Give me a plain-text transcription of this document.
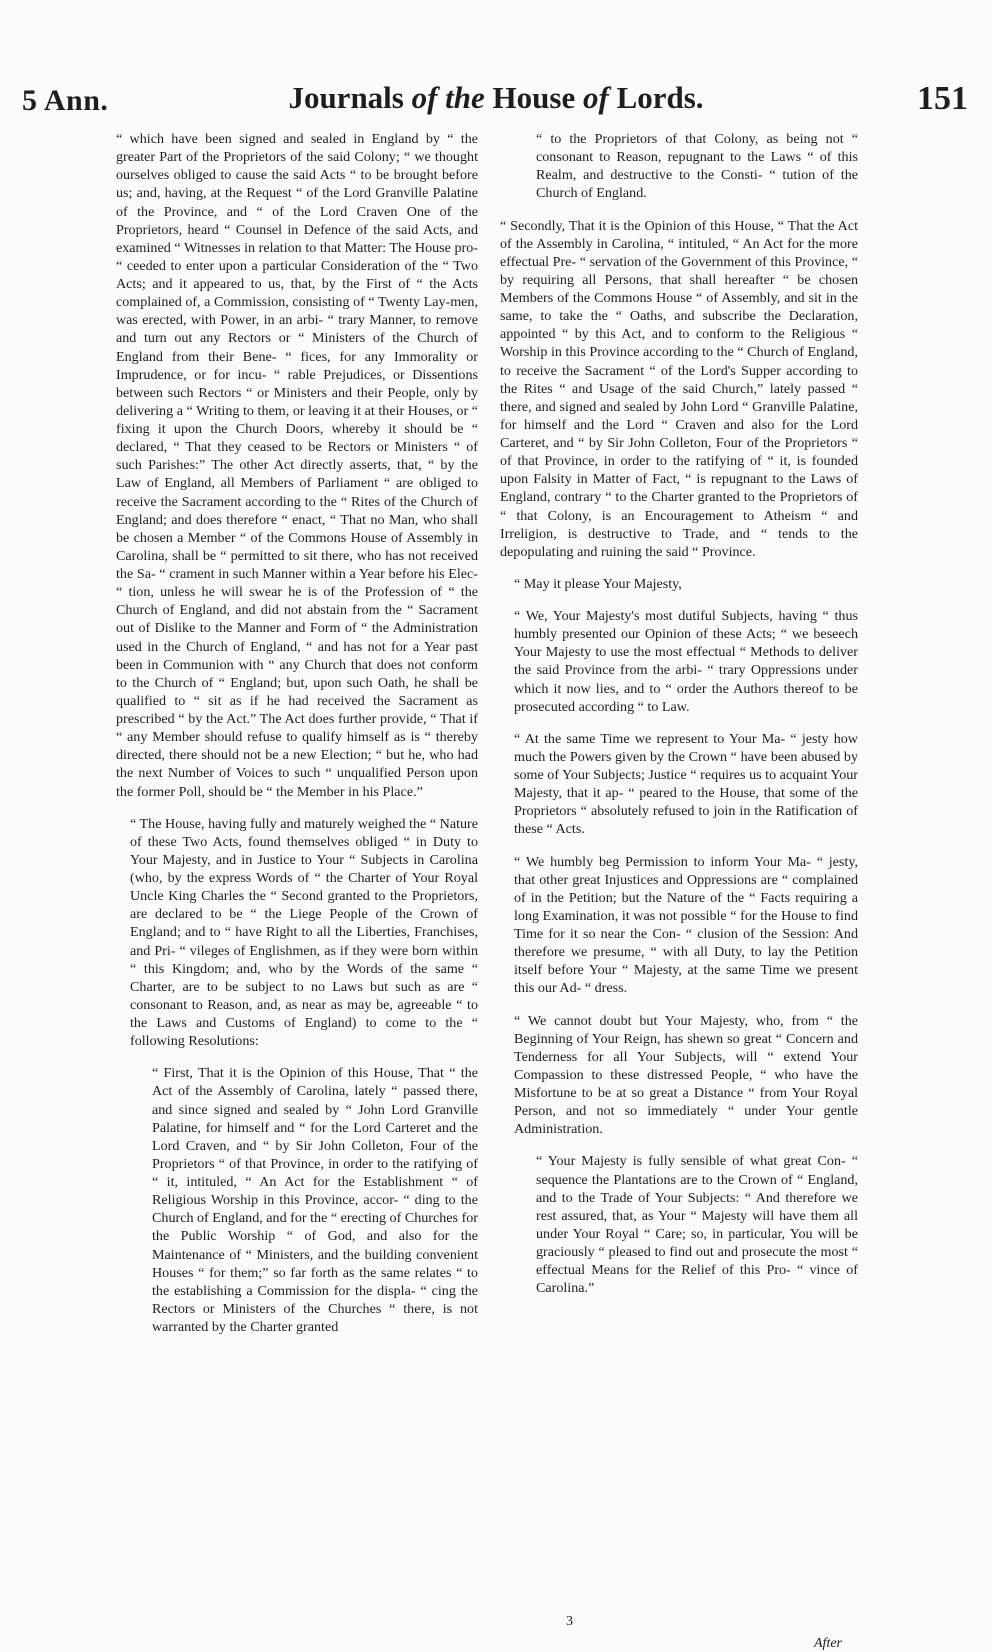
5 Ann.	Journals of the House of Lords.	151

“ which have been signed and sealed in England by “ the greater Part of the Proprietors of the said Colony; “ we thought ourselves obliged to cause the said Acts “ to be brought before us; and, having, at the Request “ of the Lord Granville Palatine of the Province, and “ of the Lord Craven One of the Proprietors, heard “ Counsel in Defence of the said Acts, and examined “ Witnesses in relation to that Matter: The House pro- “ ceeded to enter upon a particular Consideration of the “ Two Acts; and it appeared to us, that, by the First of “ the Acts complained of, a Commission, consisting of “ Twenty Lay-men, was erected, with Power, in an arbi- “ trary Manner, to remove and turn out any Rectors or “ Ministers of the Church of England from their Bene- “ fices, for any Immorality or Imprudence, or for incu- “ rable Prejudices, or Dissentions between such Rectors “ or Ministers and their People, only by delivering a “ Writing to them, or leaving it at their Houses, or “ fixing it upon the Church Doors, whereby it should be “ declared, “ That they ceased to be Rectors or Ministers “ of such Parishes:” The other Act directly asserts, that, “ by the Law of England, all Members of Parliament “ are obliged to receive the Sacrament according to the “ Rites of the Church of England; and does therefore “ enact, “ That no Man, who shall be chosen a Member “ of the Commons House of Assembly in Carolina, shall be “ permitted to sit there, who has not received the Sa- “ crament in such Manner within a Year before his Elec- “ tion, unless he will swear he is of the Profession of “ the Church of England, and did not abstain from the “ Sacrament out of Dislike to the Manner and Form of “ the Administration used in the Church of England, “ and has not for a Year past been in Communion with “ any Church that does not conform to the Church of “ England; but, upon such Oath, he shall be qualified to “ sit as if he had received the Sacrament as prescribed “ by the Act.” The Act does further provide, “ That if “ any Member should refuse to qualify himself as is “ thereby directed, there should not be a new Election; “ but he, who had the next Number of Voices to such “ unqualified Person upon the former Poll, should be “ the Member in his Place.”

“ The House, having fully and maturely weighed the “ Nature of these Two Acts, found themselves obliged “ in Duty to Your Majesty, and in Justice to Your “ Subjects in Carolina (who, by the express Words of “ the Charter of Your Royal Uncle King Charles the “ Second granted to the Proprietors, are declared to be “ the Liege People of the Crown of England; and to “ have Right to all the Liberties, Franchises, and Pri- “ vileges of Englishmen, as if they were born within “ this Kingdom; and, who by the Words of the same “ Charter, are to be subject to no Laws but such as are “ consonant to Reason, and, as near as may be, agreeable “ to the Laws and Customs of England) to come to the “ following Resolutions:

“ First, That it is the Opinion of this House, That “ the Act of the Assembly of Carolina, lately “ passed there, and since signed and sealed by “ John Lord Granville Palatine, for himself and “ for the Lord Carteret and the Lord Craven, and “ by Sir John Colleton, Four of the Proprietors “ of that Province, in order to the ratifying of “ it, intituled, “ An Act for the Establishment “ of Religious Worship in this Province, accor- “ ding to the Church of England, and for the “ erecting of Churches for the Public Worship “ of God, and also for the Maintenance of “ Ministers, and the building convenient Houses “ for them;” so far forth as the same relates “ to the establishing a Commission for the displa- “ cing the Rectors or Ministers of the Churches “ there, is not warranted by the Charter granted

“ to the Proprietors of that Colony, as being not “ consonant to Reason, repugnant to the Laws “ of this Realm, and destructive to the Consti- “ tution of the Church of England.

“ Secondly, That it is the Opinion of this House, “ That the Act of the Assembly in Carolina, “ intituled, “ An Act for the more effectual Pre- “ servation of the Government of this Province, “ by requiring all Persons, that shall hereafter “ be chosen Members of the Commons House “ of Assembly, and sit in the same, to take the “ Oaths, and subscribe the Declaration, appointed “ by this Act, and to conform to the Religious “ Worship in this Province according to the “ Church of England, to receive the Sacrament “ of the Lord's Supper according to the Rites “ and Usage of the said Church,” lately passed “ there, and signed and sealed by John Lord “ Granville Palatine, for himself and the Lord “ Craven and also for the Lord Carteret, and “ by Sir John Colleton, Four of the Proprietors “ of that Province, in order to the ratifying of “ it, is founded upon Falsity in Matter of Fact, “ is repugnant to the Laws of England, contrary “ to the Charter granted to the Proprietors of “ that Colony, is an Encouragement to Atheism “ and Irreligion, is destructive to Trade, and “ tends to the depopulating and ruining the said “ Province.

“ May it please Your Majesty,

“ We, Your Majesty's most dutiful Subjects, having “ thus humbly presented our Opinion of these Acts; “ we beseech Your Majesty to use the most effectual “ Methods to deliver the said Province from the arbi- “ trary Oppressions under which it now lies, and to “ order the Authors thereof to be prosecuted according “ to Law.

“ At the same Time we represent to Your Ma- “ jesty how much the Powers given by the Crown “ have been abused by some of Your Subjects; Justice “ requires us to acquaint Your Majesty, that it ap- “ peared to the House, that some of the Proprietors “ absolutely refused to join in the Ratification of these “ Acts.

“ We humbly beg Permission to inform Your Ma- “ jesty, that other great Injustices and Oppressions are “ complained of in the Petition; but the Nature of the “ Facts requiring a long Examination, it was not possible “ for the House to find Time for it so near the Con- “ clusion of the Session: And therefore we presume, “ with all Duty, to lay the Petition itself before Your “ Majesty, at the same Time we present this our Ad- “ dress.

“ We cannot doubt but Your Majesty, who, from “ the Beginning of Your Reign, has shewn so great “ Concern and Tenderness for all Your Subjects, will “ extend Your Compassion to these distressed People, “ who have the Misfortune to be at so great a Distance “ from Your Royal Person, and not so immediately “ under Your gentle Administration.

“ Your Majesty is fully sensible of what great Con- “ sequence the Plantations are to the Crown of “ England, and to the Trade of Your Subjects: “ And therefore we rest assured, that, as Your “ Majesty will have them all under Your Royal “ Care; so, in particular, You will be graciously “ pleased to find out and prosecute the most “ effectual Means for the Relief of this Pro- “ vince of Carolina.”

3
After
